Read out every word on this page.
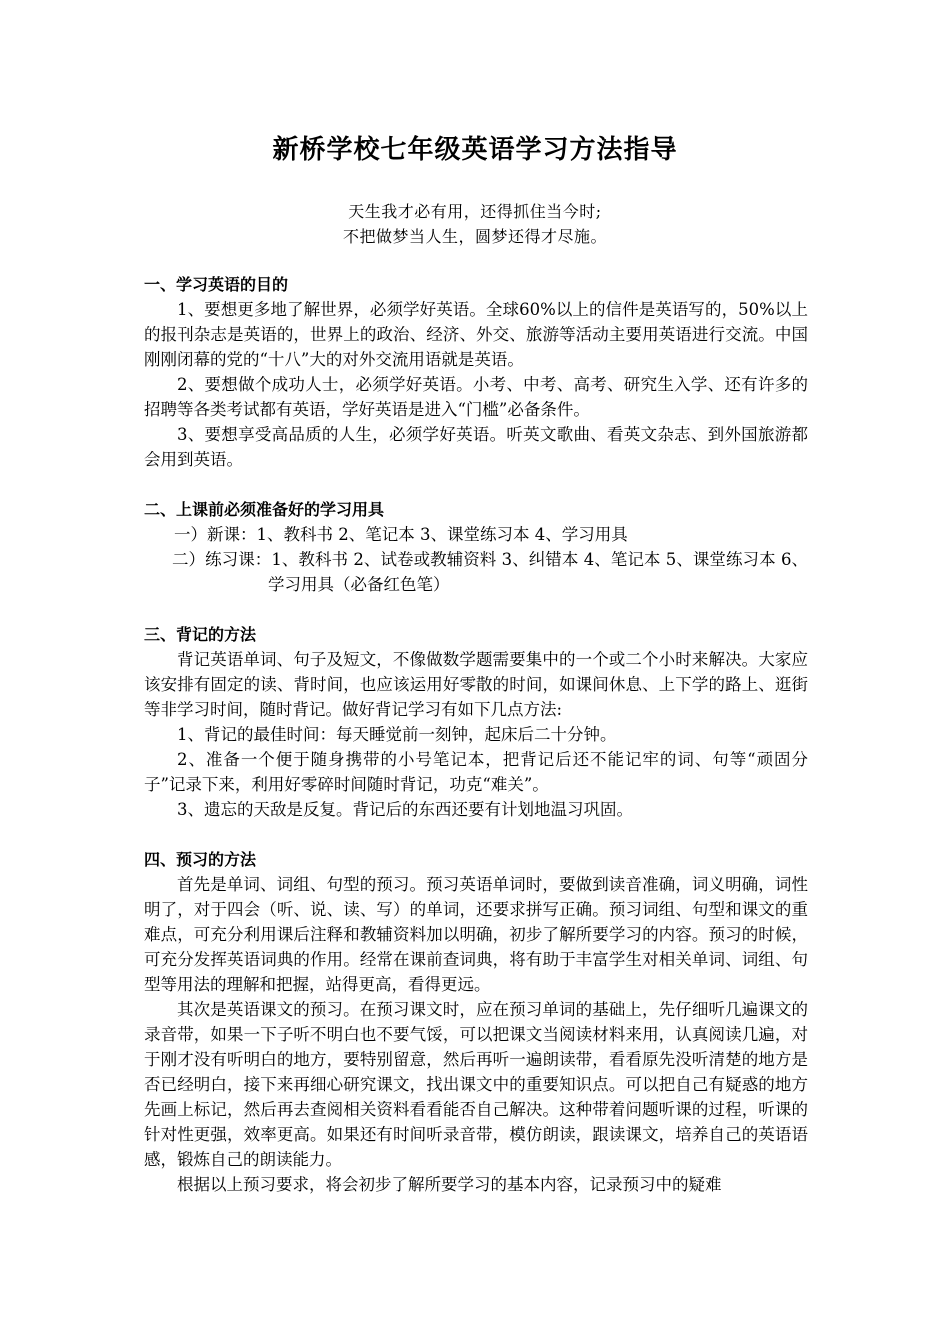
新桥学校七年级英语学习方法指导
天生我才必有用，还得抓住当今时;
不把做梦当人生，圆梦还得才尽施。

一、学习英语的目的

1、要想更多地了解世界，必须学好英语。全球60%以上的信件是英语写的，50%以上的报刊杂志是英语的，世界上的政治、经济、外交、旅游等活动主要用英语进行交流。中国刚刚闭幕的党的“十八”大的对外交流用语就是英语。

2、要想做个成功人士，必须学好英语。小考、中考、高考、研究生入学、还有许多的招聘等各类考试都有英语，学好英语是进入“门槛”必备条件。

3、要想享受高品质的人生，必须学好英语。听英文歌曲、看英文杂志、到外国旅游都会用到英语。

二、上课前必须准备好的学习用具

一）新课：1、教科书 2、笔记本 3、课堂练习本 4、学习用具

二）练习课：1、教科书 2、试卷或教辅资料 3、纠错本 4、笔记本 5、课堂练习本 6、学习用具（必备红色笔）

三、背记的方法

背记英语单词、句子及短文，不像做数学题需要集中的一个或二个小时来解决。大家应该安排有固定的读、背时间，也应该运用好零散的时间，如课间休息、上下学的路上、逛街等非学习时间，随时背记。做好背记学习有如下几点方法:

1、背记的最佳时间：每天睡觉前一刻钟，起床后二十分钟。

2、准备一个便于随身携带的小号笔记本，把背记后还不能记牢的词、句等“顽固分子”记录下来，利用好零碎时间随时背记，功克“难关”。

3、遗忘的天敌是反复。背记后的东西还要有计划地温习巩固。

四、预习的方法

首先是单词、词组、句型的预习。预习英语单词时，要做到读音准确，词义明确，词性明了，对于四会（听、说、读、写）的单词，还要求拼写正确。预习词组、句型和课文的重难点，可充分利用课后注释和教辅资料加以明确，初步了解所要学习的内容。预习的时候，可充分发挥英语词典的作用。经常在课前查词典，将有助于丰富学生对相关单词、词组、句型等用法的理解和把握，站得更高，看得更远。

其次是英语课文的预习。在预习课文时，应在预习单词的基础上，先仔细听几遍课文的录音带，如果一下子听不明白也不要气馁，可以把课文当阅读材料来用，认真阅读几遍，对于刚才没有听明白的地方，要特别留意，然后再听一遍朗读带，看看原先没听清楚的地方是否已经明白，接下来再细心研究课文，找出课文中的重要知识点。可以把自己有疑惑的地方先画上标记，然后再去查阅相关资料看看能否自己解决。这种带着问题听课的过程，听课的针对性更强，效率更高。如果还有时间听录音带，模仿朗读，跟读课文，培养自己的英语语感，锻炼自己的朗读能力。

根据以上预习要求，将会初步了解所要学习的基本内容，记录预习中的疑难
